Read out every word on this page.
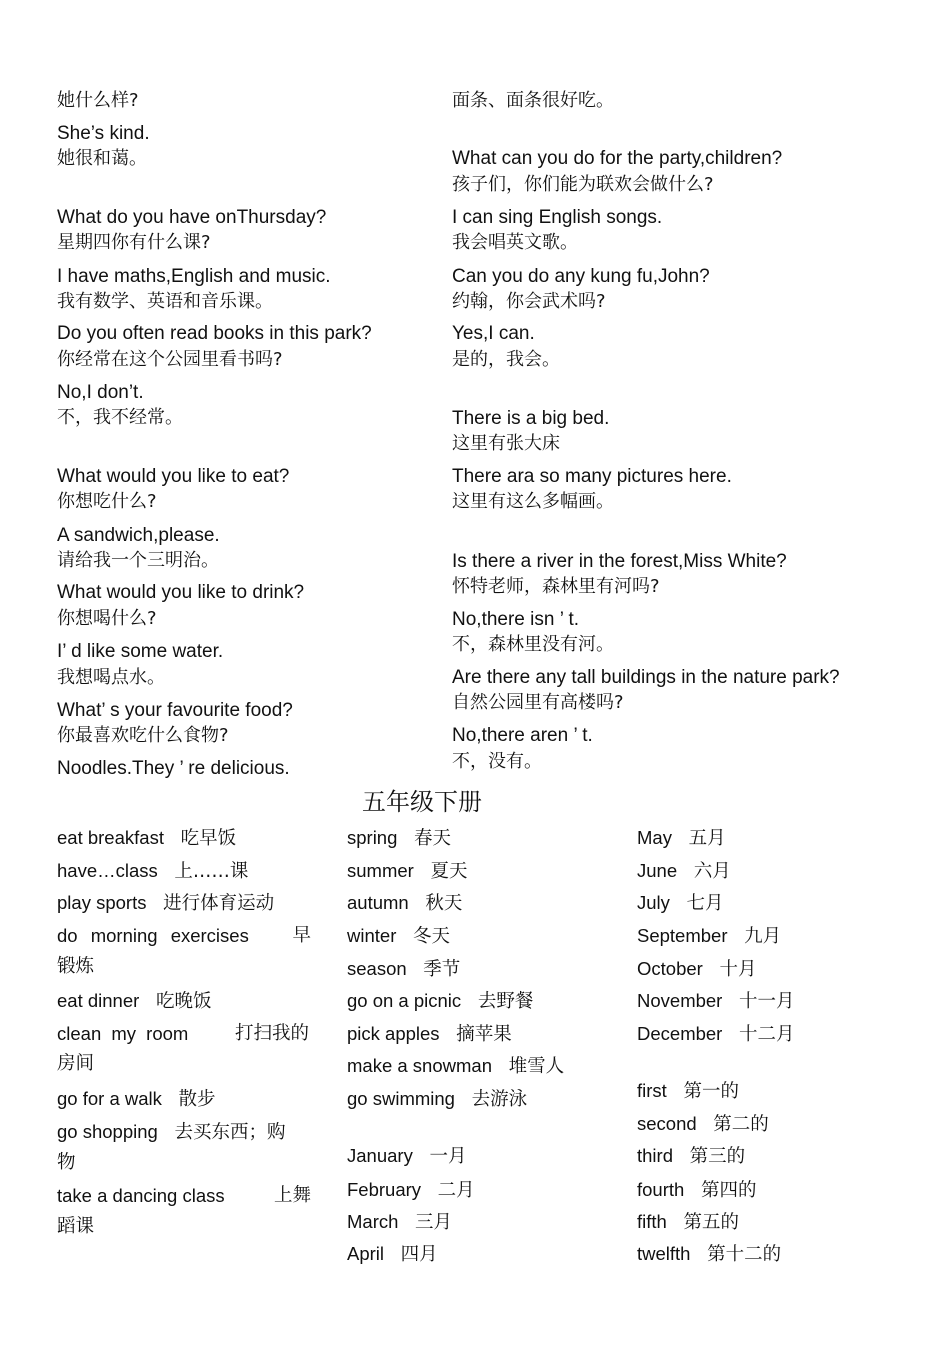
她什么样?
She’s kind.
她很和蔼。
What do you have onThursday?
星期四你有什么课?
I have maths,English and music.
我有数学、英语和音乐课。
Do you often read books in this park?
你经常在这个公园里看书吗?
No,I don’t.
不，我不经常。
What would you like to eat?
你想吃什么?
A sandwich,please.
请给我一个三明治。
What would you like to drink?
你想喝什么?
I’ d like some water.
我想喝点水。
What’ s your favourite food?
你最喜欢吃什么食物?
Noodles.They ’ re delicious.
面条、面条很好吃。
What can you do for the party,children?
孩子们，你们能为联欢会做什么?
I can sing English songs.
我会唱英文歌。
Can you do any kung fu,John?
约翰，你会武术吗?
Yes,I can.
是的，我会。
There is a big bed.
这里有张大床
There ara so many pictures here.
这里有这么多幅画。
Is there a river in the forest,Miss White?
怀特老师，森林里有河吗?
No,there isn ’ t.
不，森林里没有河。
Are there any tall buildings in the nature park?
自然公园里有高楼吗?
No,there aren ’ t.
不，没有。
五年级下册
eat breakfast 吃早饭
have…class 上……课
play sports 进行体育运动
do morning exercises 早
锻炼
eat dinner 吃晚饭
clean my room	打扫我的
房间
go for a walk 散步
go shopping 去买东西；购
物
take a dancing class	上舞
蹈课
spring 春天
summer 夏天
autumn 秋天
winter 冬天
season 季节
go on a picnic 去野餐
pick apples 摘苹果
make a snowman 堆雪人
go swimming 去游泳
January 一月
February 二月
March 三月
April 四月
May 五月
June 六月
July 七月
September 九月
October 十月
November 十一月
December 十二月
first 第一的
second 第二的
third 第三的
fourth 第四的
fifth 第五的
twelfth 第十二的
